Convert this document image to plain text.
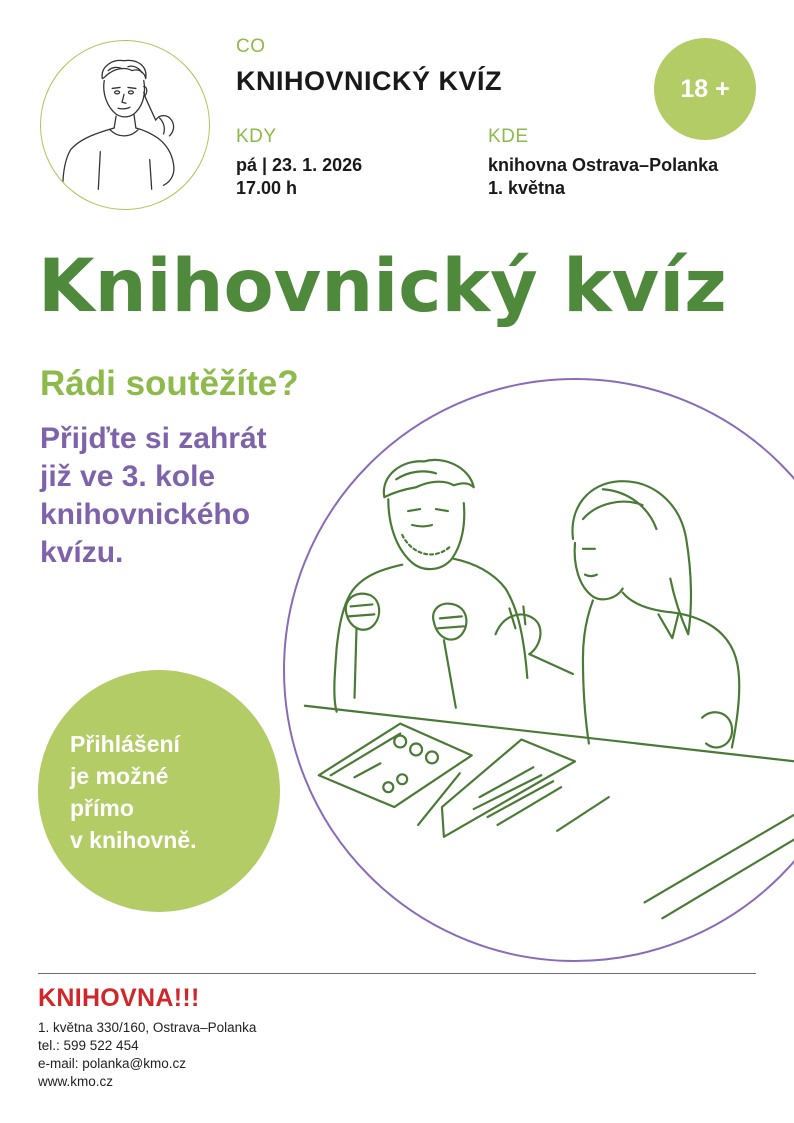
CO
KNIHOVNICKÝ KVÍZ
KDY
pá | 23. 1. 2026
17.00 h
KDE
knihovna Ostrava–Polanka
1. května
18 +
Knihovnický kvíz
Rádi soutěžíte?
Přijďte si zahrát
již ve 3. kole
knihovnického
kvízu.
Přihlášení
je možné
přímo
v knihovně.
KNIHOVNA!!!
1. května 330/160, Ostrava–Polanka
tel.: 599 522 454
e-mail: polanka@kmo.cz
www.kmo.cz
